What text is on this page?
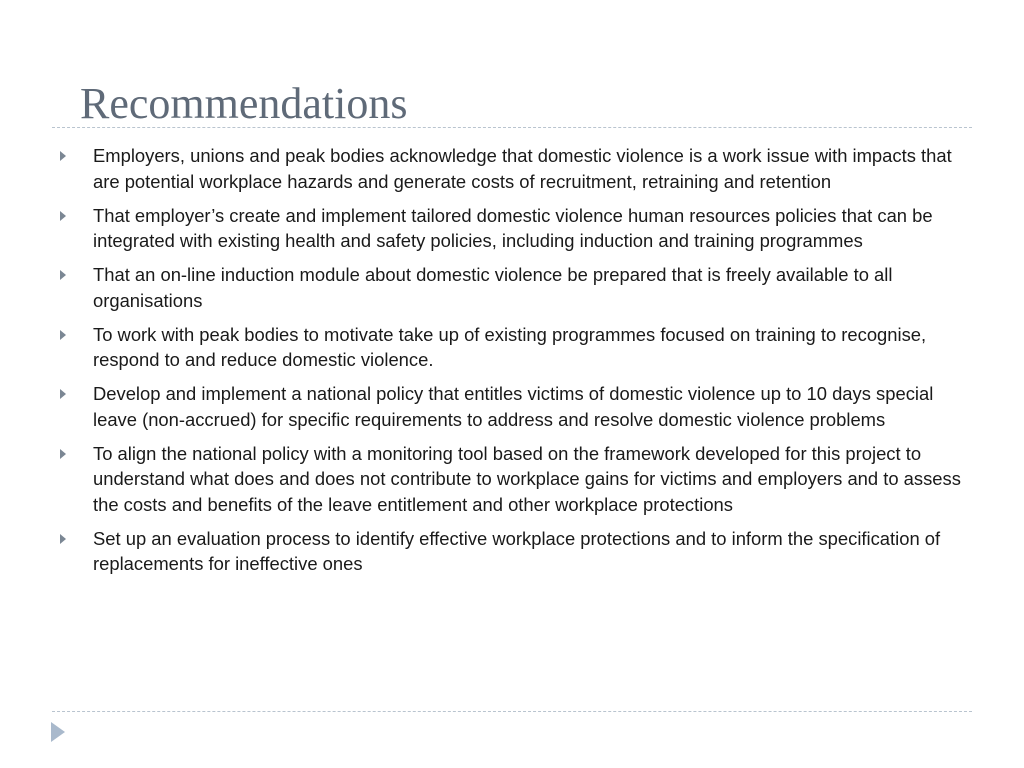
Recommendations
Employers, unions and peak bodies acknowledge that domestic violence is a work issue with impacts that are potential workplace hazards and generate costs of recruitment, retraining and retention
That employer’s create and implement tailored domestic violence human resources policies that can be integrated with existing health and safety policies, including induction and training programmes
That an on-line induction module about domestic violence be prepared that is freely available to all organisations
To work with peak bodies to motivate take up of existing programmes focused on training to recognise, respond to and reduce domestic violence.
Develop and implement a national policy that entitles victims of domestic violence up to 10 days special leave (non-accrued) for specific requirements to address and resolve domestic violence problems
To align the national policy with a monitoring tool based on the framework developed for this project to understand what does and does not contribute to workplace gains for victims and employers and to assess the costs and benefits of the leave entitlement and other workplace protections
Set up an evaluation process to identify effective workplace protections and to inform the specification of replacements for ineffective ones
